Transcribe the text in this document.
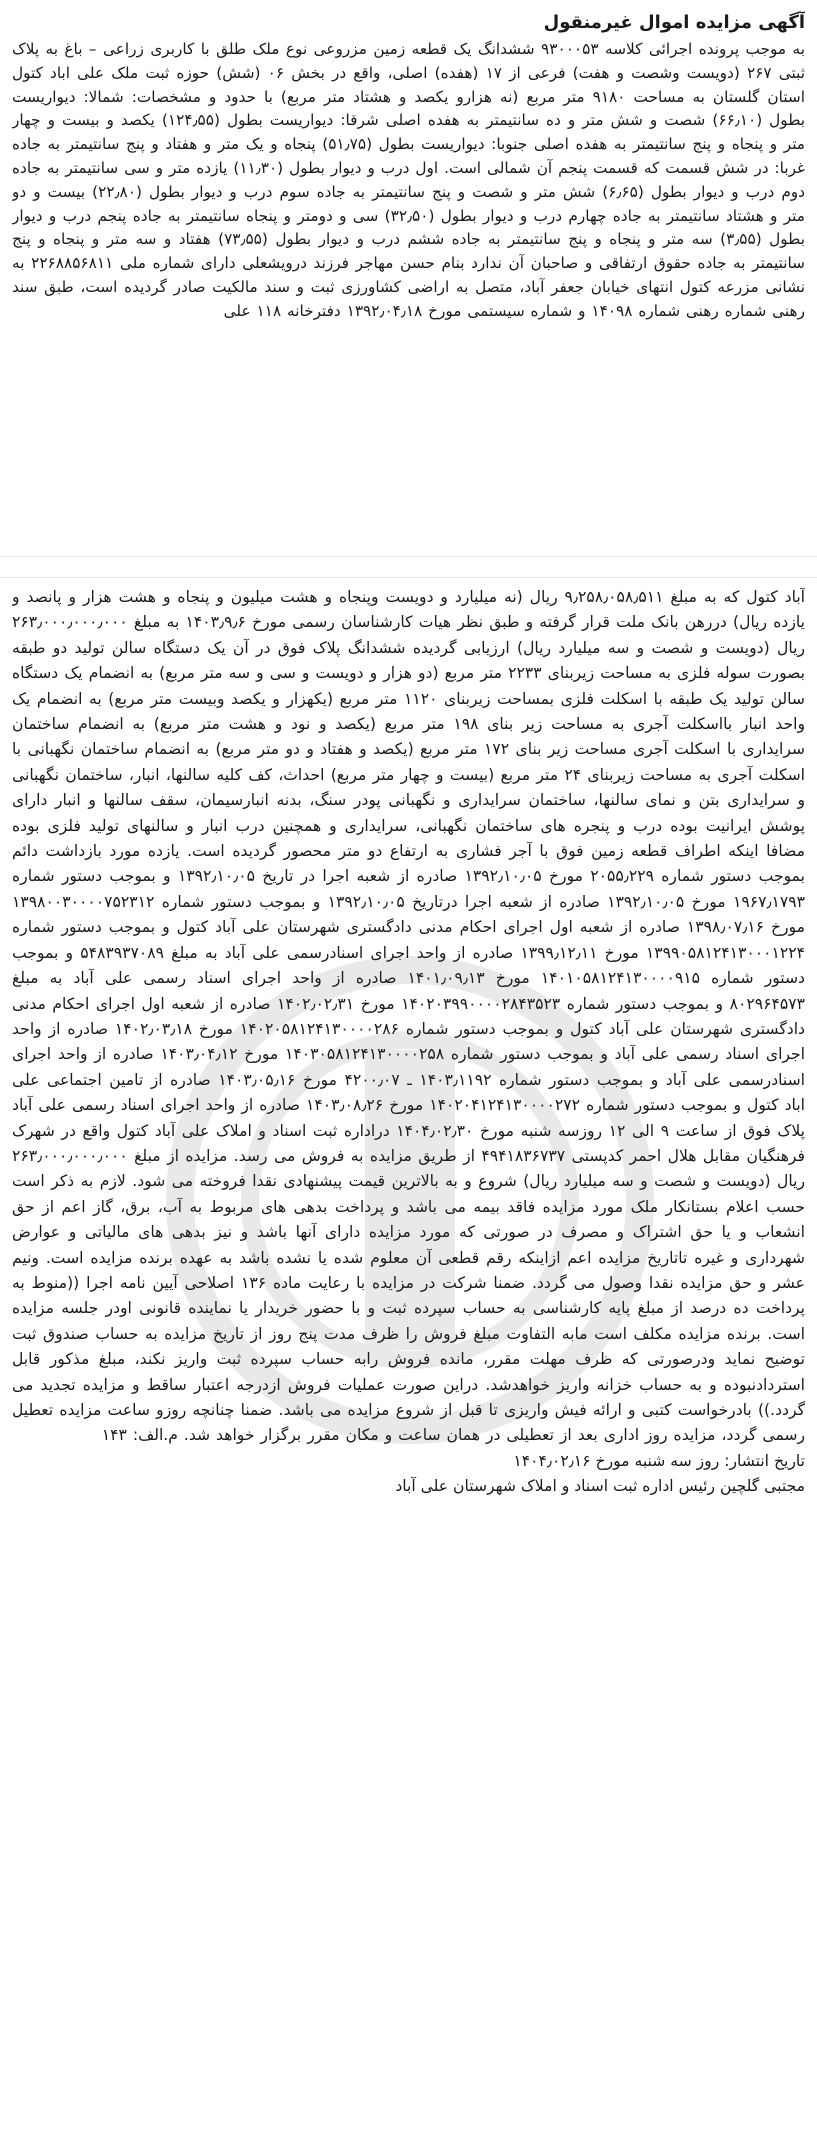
آگهی مزایده اموال غیرمنقول

به موجب پرونده اجرائی کلاسه ۹۳۰۰۰۵۳ ششدانگ یک قطعه زمین مزروعی نوع ملک طلق با کاربری زراعی – باغ به پلاک ثبتی ۲۶۷ (دویست وشصت و هفت) فرعی از ۱۷ (هفده) اصلی، واقع در بخش ۰۶ (شش) حوزه ثبت ملک علی اباد کتول استان گلستان به مساحت ۹۱۸۰ متر مربع (نه هزارو یکصد و هشتاد متر مربع) با حدود و مشخصات: شمالا: دیواریست بطول (۶۶٫۱۰) شصت و شش متر و ده سانتیمتر به هفده اصلی شرقا: دیواریست بطول (۱۲۴٫۵۵) یکصد و بیست و چهار متر و پنجاه و پنج سانتیمتر به هفده اصلی جنوبا: دیواریست بطول (۵۱٫۷۵) پنجاه و یک متر و هفتاد و پنج سانتیمتر به جاده غربا: در شش قسمت که قسمت پنجم آن شمالی است. اول درب و دیوار بطول (۱۱٫۳۰) یازده متر و سی سانتیمتر به جاده دوم درب و دیوار بطول (۶٫۶۵) شش متر و شصت و پنج سانتیمتر به جاده سوم درب و دیوار بطول (۲۲٫۸۰) بیست و دو متر و هشتاد سانتیمتر به جاده چهارم درب و دیوار بطول (۳۲٫۵۰) سی و دومتر و پنجاه سانتیمتر به جاده پنجم درب و دیوار بطول (۳٫۵۵) سه متر و پنجاه و پنج سانتیمتر به جاده ششم درب و دیوار بطول (۷۳٫۵۵) هفتاد و سه متر و پنجاه و پنج سانتیمتر به جاده حقوق ارتفاقی و صاحبان آن ندارد بنام حسن مهاجر فرزند درویشعلی دارای شماره ملی ۲۲۶۸۸۵۶۸۱۱ به نشانی مزرعه کتول انتهای خیابان جعفر آباد، متصل به اراضی کشاورزی ثبت و سند مالکیت صادر گردیده است، طبق سند رهنی شماره رهنی شماره ۱۴۰۹۸ و شماره سیستمی مورخ ۱۳۹۲٫۰۴٫۱۸ دفترخانه ۱۱۸ علی

آباد کتول که به مبلغ ۹٫۲۵۸٫۰۵۸٫۵۱۱ ریال (نه میلیارد و دویست وپنجاه و هشت میلیون و پنجاه و هشت هزار و پانصد و یازده ریال) دررهن بانک ملت قرار گرفته و طبق نظر هیات کارشناسان رسمی مورخ ۱۴۰۳٫۹٫۶ به مبلغ ۲۶۳٫۰۰۰٫۰۰۰٫۰۰۰ ریال (دویست و شصت و سه میلیارد ریال) ارزیابی گردیده ششدانگ پلاک فوق در آن یک دستگاه سالن تولید دو طبقه بصورت سوله فلزی به مساحت زیربنای ۲۲۳۳ متر مربع (دو هزار و دویست و سی و سه متر مربع) به انضمام یک دستگاه سالن تولید یک طبقه با اسکلت فلزی بمساحت زیربنای ۱۱۲۰ متر مربع (یکهزار و یکصد وبیست متر مربع) به انضمام یک واحد انبار بااسکلت آجری به مساحت زیر بنای ۱۹۸ متر مربع (یکصد و نود و هشت متر مربع) به انضمام ساختمان سرایداری با اسکلت آجری مساحت زیر بنای ۱۷۲ متر مربع (یکصد و هفتاد و دو متر مربع) به انضمام ساختمان نگهبانی با اسکلت آجری به مساحت زیربنای ۲۴ متر مربع (بیست و چهار متر مربع) احداث، کف کلیه سالنها، انبار، ساختمان نگهبانی و سرایداری بتن و نمای سالنها، ساختمان سرایداری و نگهبانی پودر سنگ، بدنه انبارسیمان، سقف سالنها و انبار دارای پوشش ایرانیت بوده درب و پنجره های ساختمان نگهبانی، سرایداری و همچنین درب انبار و سالنهای تولید فلزی بوده مضافا اینکه اطراف قطعه زمین فوق با آجر فشاری به ارتفاع دو متر محصور گردیده است. یازده مورد بازداشت دائم بموجب دستور شماره ۲۰۵۵٫۲۲۹ مورخ ۱۳۹۲٫۱۰٫۰۵ صادره از شعبه اجرا در تاریخ ۱۳۹۲٫۱۰٫۰۵ و بموجب دستور شماره ۱۹۶۷٫۱۷۹۳ مورخ ۱۳۹۲٫۱۰٫۰۵ صادره از شعبه اجرا درتاریخ ۱۳۹۲٫۱۰٫۰۵ و بموجب دستور شماره ۱۳۹۸۰۰۳۰۰۰۰۷۵۲۳۱۲ مورخ ۱۳۹۸٫۰۷٫۱۶ صادره از شعبه اول اجرای احکام مدنی دادگستری شهرستان علی آباد کتول و بموجب دستور شماره ۱۳۹۹۰۵۸۱۲۴۱۳۰۰۰۱۲۲۴ مورخ ۱۳۹۹٫۱۲٫۱۱ صادره از واحد اجرای اسنادرسمی علی آباد به مبلغ ۵۴۸۳۹۳۷۰۸۹ و بموجب دستور شماره ۱۴۰۱۰۵۸۱۲۴۱۳۰۰۰۰۹۱۵ مورخ ۱۴۰۱٫۰۹٫۱۳ صادره از واحد اجرای اسناد رسمی علی آباد به مبلغ ۸۰۲۹۶۴۵۷۳ و بموجب دستور شماره ۱۴۰۲۰۳۹۹۰۰۰۰۲۸۴۳۵۲۳ مورخ ۱۴۰۲٫۰۲٫۳۱ صادره از شعبه اول اجرای احکام مدنی دادگستری شهرستان علی آباد کتول و بموجب دستور شماره ۱۴۰۲۰۵۸۱۲۴۱۳۰۰۰۰۲۸۶ مورخ ۱۴۰۲٫۰۳٫۱۸ صادره از واحد اجرای اسناد رسمی علی آباد و بموجب دستور شماره ۱۴۰۳۰۵۸۱۲۴۱۳۰۰۰۰۲۵۸ مورخ ۱۴۰۳٫۰۴٫۱۲ صادره از واحد اجرای اسنادرسمی علی آباد و بموجب دستور شماره ۱۴۰۳٫۱۱۹۲ ـ ۴۲۰۰٫۰۷ مورخ ۱۴۰۳٫۰۵٫۱۶ صادره از تامین اجتماعی علی اباد کتول و بموجب دستور شماره ۱۴۰۲۰۴۱۲۴۱۳۰۰۰۰۲۷۲ مورخ ۱۴۰۳٫۰۸٫۲۶ صادره از واحد اجرای اسناد رسمی علی آباد پلاک فوق از ساعت ۹ الی ۱۲ روزسه شنبه مورخ ۱۴۰۴٫۰۲٫۳۰ دراداره ثبت اسناد و املاک علی آباد کتول واقع در شهرک فرهنگیان مقابل هلال احمر کدپستی ۴۹۴۱۸۳۶۷۳۷ از طریق مزایده به فروش می رسد. مزایده از مبلغ ۲۶۳٫۰۰۰٫۰۰۰٫۰۰۰ ریال (دویست و شصت و سه میلیارد ریال) شروع و به بالاترین قیمت پیشنهادی نقدا فروخته می شود. لازم به ذکر است حسب اعلام بستانکار ملک مورد مزایده فاقد بیمه می باشد و پرداخت بدهی های مربوط به آب، برق، گاز اعم از حق انشعاب و یا حق اشتراک و مصرف در صورتی که مورد مزایده دارای آنها باشد و نیز بدهی های مالیاتی و عوارض شهرداری و غیره تاتاریخ مزایده اعم ازاینکه رقم قطعی آن معلوم شده یا نشده باشد به عهده برنده مزایده است. ونیم عشر و حق مزایده نقدا وصول می گردد. ضمنا شرکت در مزایده با رعایت ماده ۱۳۶ اصلاحی آیین نامه اجرا ((منوط به پرداخت ده درصد از مبلغ پایه کارشناسی به حساب سپرده ثبت و با حضور خریدار یا نماینده قانونی اودر جلسه مزایده است. برنده مزایده مکلف است مابه التفاوت مبلغ فروش را ظرف مدت پنج روز از تاریخ مزایده به حساب صندوق ثبت توضیح نماید ودرصورتی که ظرف مهلت مقرر، مانده فروش رابه حساب سپرده ثبت واریز نکند، مبلغ مذکور قابل استردادنبوده و به حساب خزانه واریز خواهدشد. دراین صورت عملیات فروش ازدرجه اعتبار ساقط و مزایده تجدید می گردد.)) بادرخواست کتبی و ارائه فیش واریزی تا قبل از شروع مزایده می باشد. ضمنا چنانچه روزو ساعت مزایده تعطیل رسمی گردد، مزایده روز اداری بعد از تعطیلی در همان ساعت و مکان مقرر برگزار خواهد شد. م.الف: ۱۴۳

تاریخ انتشار: روز سه شنبه مورخ ۱۴۰۴٫۰۲٫۱۶

مجتبی گلچین رئیس اداره ثبت اسناد و املاک شهرستان علی آباد
